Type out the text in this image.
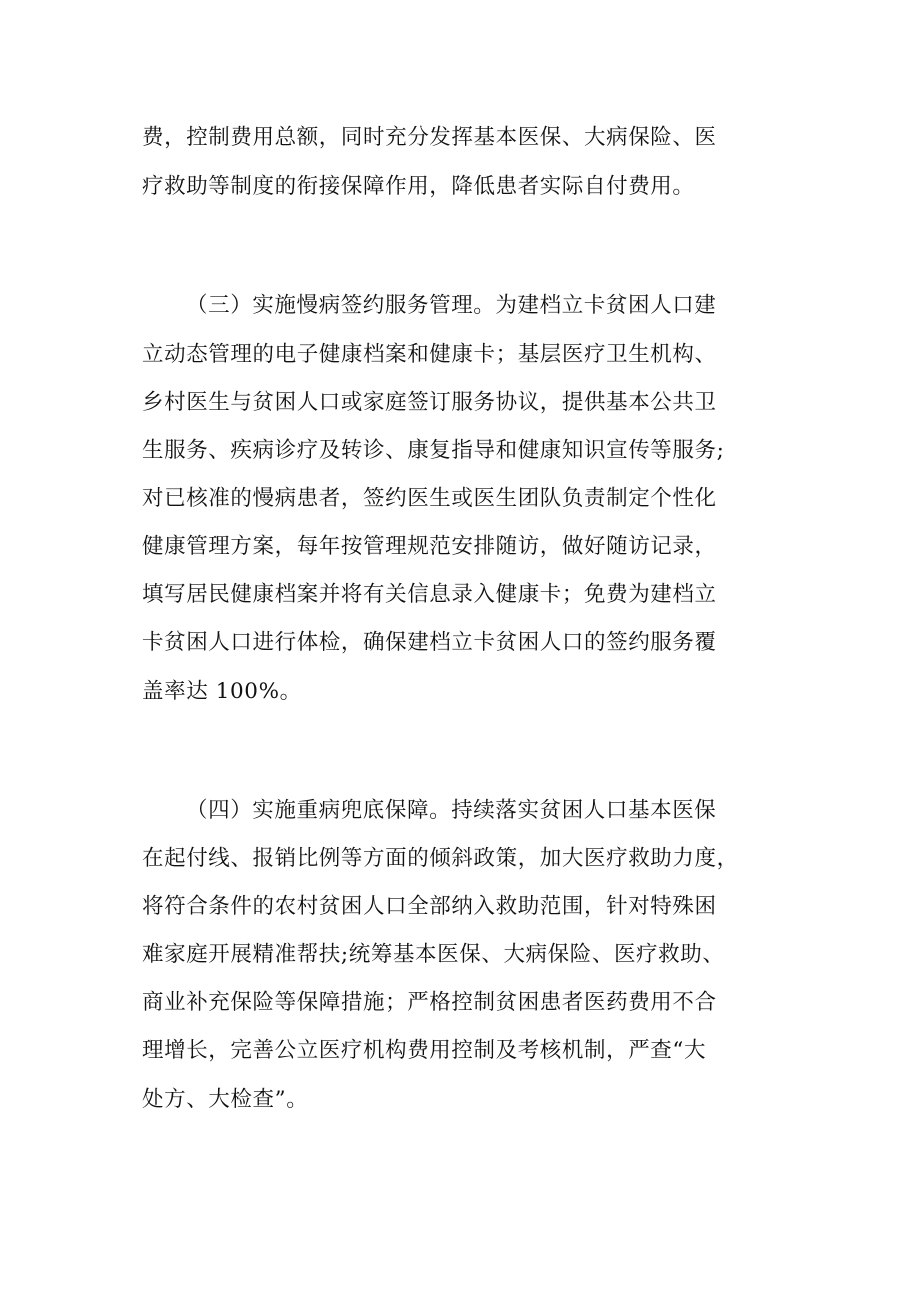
费，控制费用总额，同时充分发挥基本医保、大病保险、医
疗救助等制度的衔接保障作用，降低患者实际自付费用。
（三）实施慢病签约服务管理。为建档立卡贫困人口建
立动态管理的电子健康档案和健康卡；基层医疗卫生机构、
乡村医生与贫困人口或家庭签订服务协议，提供基本公共卫
生服务、疾病诊疗及转诊、康复指导和健康知识宣传等服务;
对已核准的慢病患者，签约医生或医生团队负责制定个性化
健康管理方案，每年按管理规范安排随访，做好随访记录，
填写居民健康档案并将有关信息录入健康卡；免费为建档立
卡贫困人口进行体检，确保建档立卡贫困人口的签约服务覆
盖率达 100%。
（四）实施重病兜底保障。持续落实贫困人口基本医保
在起付线、报销比例等方面的倾斜政策，加大医疗救助力度，
将符合条件的农村贫困人口全部纳入救助范围，针对特殊困
难家庭开展精准帮扶;统筹基本医保、大病保险、医疗救助、
商业补充保险等保障措施；严格控制贫困患者医药费用不合
理增长，完善公立医疗机构费用控制及考核机制，严查“大
处方、大检查”。
